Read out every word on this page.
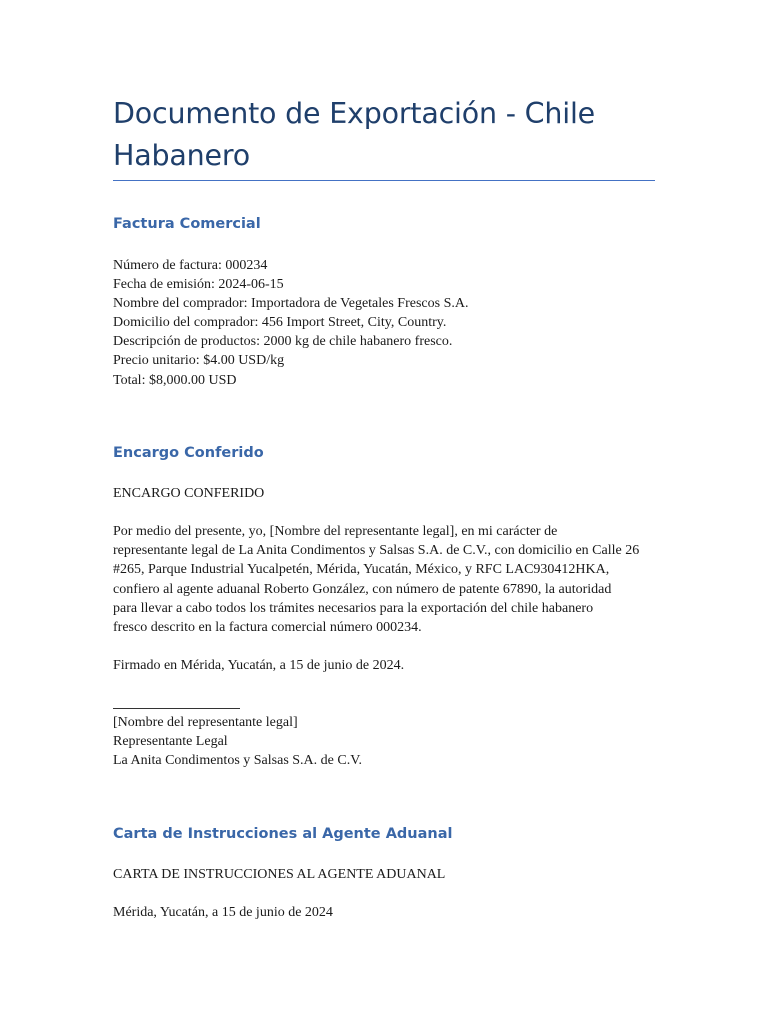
Documento de Exportación - Chile Habanero
Factura Comercial
Número de factura: 000234
Fecha de emisión: 2024-06-15
Nombre del comprador: Importadora de Vegetales Frescos S.A.
Domicilio del comprador: 456 Import Street, City, Country.
Descripción de productos: 2000 kg de chile habanero fresco.
Precio unitario: $4.00 USD/kg
Total: $8,000.00 USD
Encargo Conferido

ENCARGO CONFERIDO

Por medio del presente, yo, [Nombre del representante legal], en mi carácter de
representante legal de La Anita Condimentos y Salsas S.A. de C.V., con domicilio en Calle 26
#265, Parque Industrial Yucalpetén, Mérida, Yucatán, México, y RFC LAC930412HKA,
confiero al agente aduanal Roberto González, con número de patente 67890, la autoridad
para llevar a cabo todos los trámites necesarios para la exportación del chile habanero
fresco descrito en la factura comercial número 000234.

Firmado en Mérida, Yucatán, a 15 de junio de 2024.

[Nombre del representante legal]
Representante Legal
La Anita Condimentos y Salsas S.A. de C.V.
Carta de Instrucciones al Agente Aduanal

CARTA DE INSTRUCCIONES AL AGENTE ADUANAL

Mérida, Yucatán, a 15 de junio de 2024
